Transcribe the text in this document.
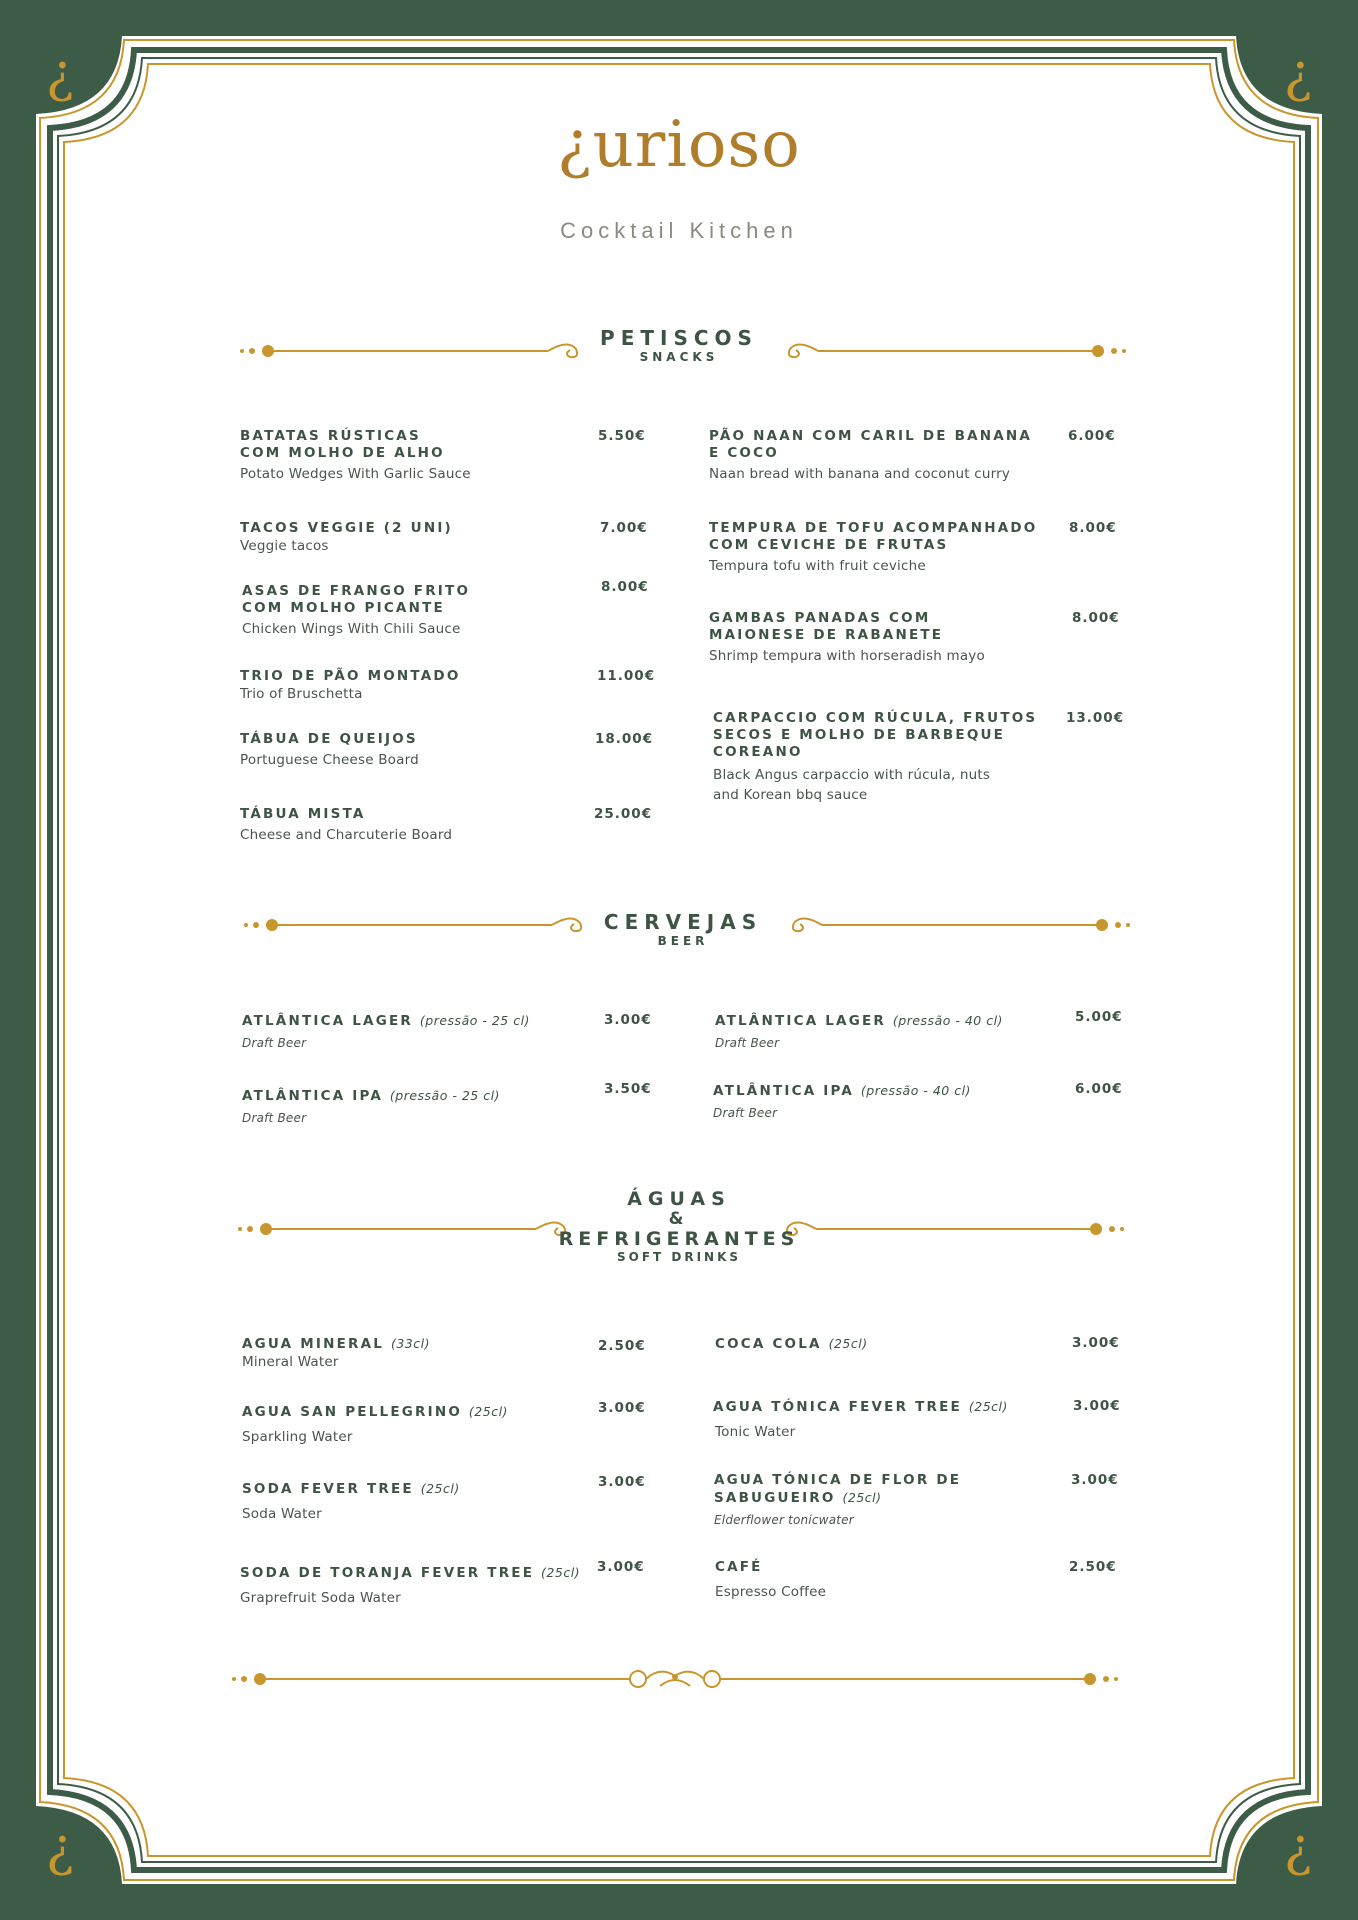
¿	¿
¿	¿
¿urioso
Cocktail Kitchen
PETISCOS
SNACKS
CERVEJAS
BEER
ÁGUAS
&
REFRIGERANTES
SOFT DRINKS
BATATAS RÚSTICAS
COM MOLHO DE ALHO
Potato Wedges With Garlic Sauce
5.50€
TACOS VEGGIE (2 UNI)
Veggie tacos
7.00€
ASAS DE FRANGO FRITO
COM MOLHO PICANTE
Chicken Wings With Chili Sauce
8.00€
TRIO DE PÃO MONTADO
Trio of Bruschetta
11.00€
TÁBUA DE QUEIJOS
Portuguese Cheese Board
18.00€
TÁBUA MISTA
Cheese and Charcuterie Board
25.00€
PÃO NAAN COM CARIL DE BANANA
E COCO
Naan bread with banana and coconut curry
6.00€
TEMPURA DE TOFU ACOMPANHADO
COM CEVICHE DE FRUTAS
Tempura tofu with fruit ceviche
8.00€
GAMBAS PANADAS COM
MAIONESE DE RABANETE
Shrimp tempura with horseradish mayo
8.00€
CARPACCIO COM RÚCULA, FRUTOS
SECOS E MOLHO DE BARBEQUE
COREANO
Black Angus carpaccio with rúcula, nuts
and Korean bbq sauce
13.00€
ATLÂNTICA LAGER (pressão - 25 cl)
Draft Beer
3.00€
ATLÂNTICA IPA (pressão - 25 cl)
Draft Beer
3.50€
ATLÂNTICA LAGER (pressão - 40 cl)
Draft Beer
5.00€
ATLÂNTICA IPA (pressão - 40 cl)
Draft Beer
6.00€
AGUA MINERAL (33cl)
Mineral Water
2.50€
AGUA SAN PELLEGRINO (25cl)
Sparkling Water
3.00€
SODA FEVER TREE (25cl)
Soda Water
3.00€
SODA DE TORANJA FEVER TREE (25cl)
Graprefruit Soda Water
3.00€
COCA COLA (25cl)	3.00€
AGUA TÓNICA FEVER TREE (25cl)
Tonic Water
3.00€
AGUA TÓNICA DE FLOR DE
SABUGUEIRO (25cl)
Elderflower tonicwater
3.00€
CAFÉ
Espresso Coffee
2.50€
